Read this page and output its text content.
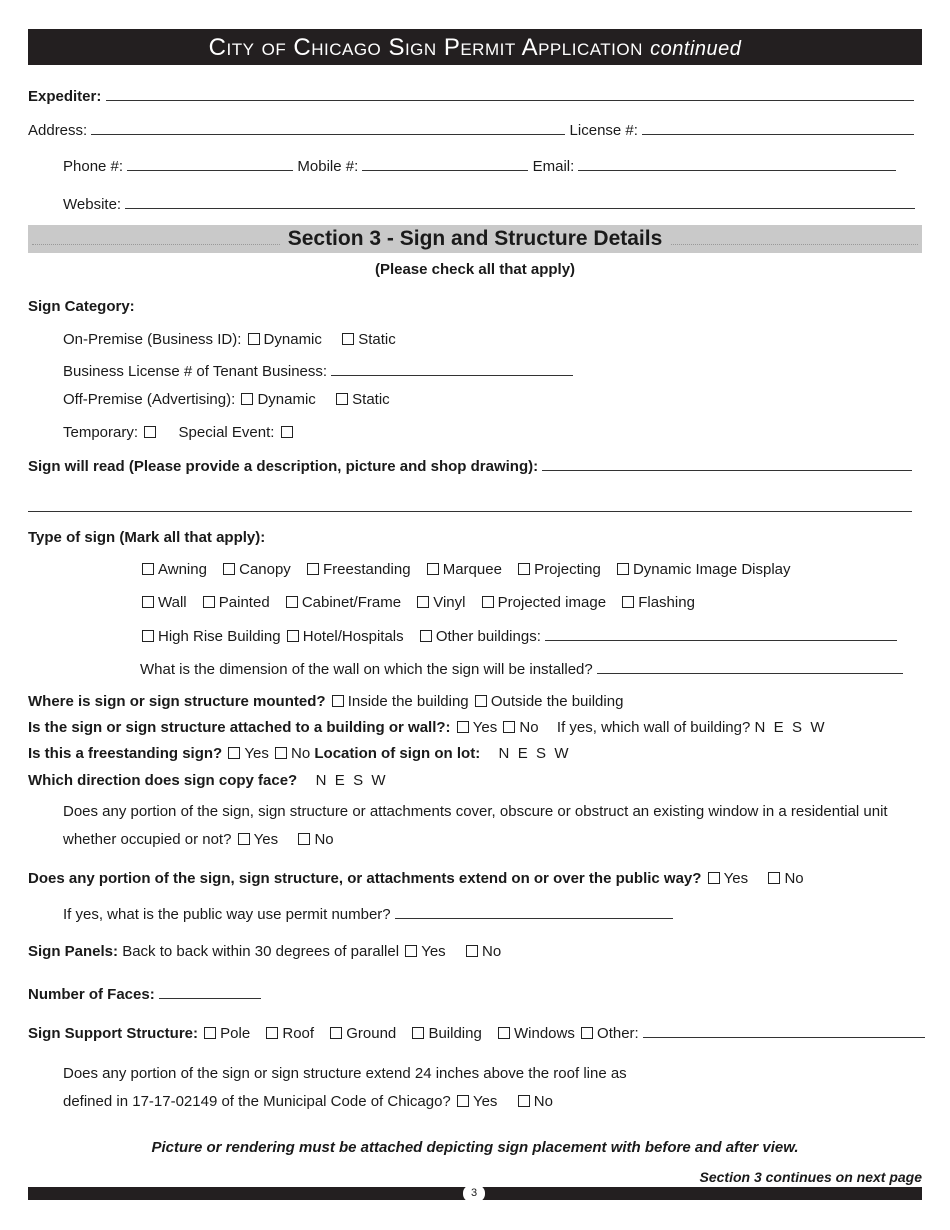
City of Chicago Sign Permit Application continued
Expediter:
Address:	License #:
Phone #:	Mobile #:	Email:
Website:
Section 3 - Sign and Structure Details
(Please check all that apply)
Sign Category:
On-Premise (Business ID): Dynamic Static
Business License # of Tenant Business:
Off-Premise (Advertising): Dynamic Static
Temporary:	Special Event:
Sign will read (Please provide a description, picture and shop drawing):
Type of sign (Mark all that apply):
Awning Canopy Freestanding Marquee Projecting Dynamic Image Display
Wall Painted Cabinet/Frame Vinyl Projected image Flashing
High Rise Building Hotel/Hospitals Other buildings:
What is the dimension of the wall on which the sign will be installed?
Where is sign or sign structure mounted? Inside the building Outside the building
Is the sign or sign structure attached to a building or wall?: Yes No If yes, which wall of building? N  E  S  W
Is this a freestanding sign? Yes No Location of sign on lot: N  E  S  W
Which direction does sign copy face? N  E  S  W
Does any portion of the sign, sign structure or attachments cover, obscure or obstruct an existing window in a residential unit
whether occupied or not? Yes No
Does any portion of the sign, sign structure, or attachments extend on or over the public way? Yes No
If yes, what is the public way use permit number?
Sign Panels: Back to back within 30 degrees of parallel Yes No
Number of Faces:
Sign Support Structure: Pole Roof Ground Building Windows Other:
Does any portion of the sign or sign structure extend 24 inches above the roof line as
defined in 17-17-02149 of the Municipal Code of Chicago? Yes No
Picture or rendering must be attached depicting sign placement with before and after view.
Section 3 continues on next page
3
